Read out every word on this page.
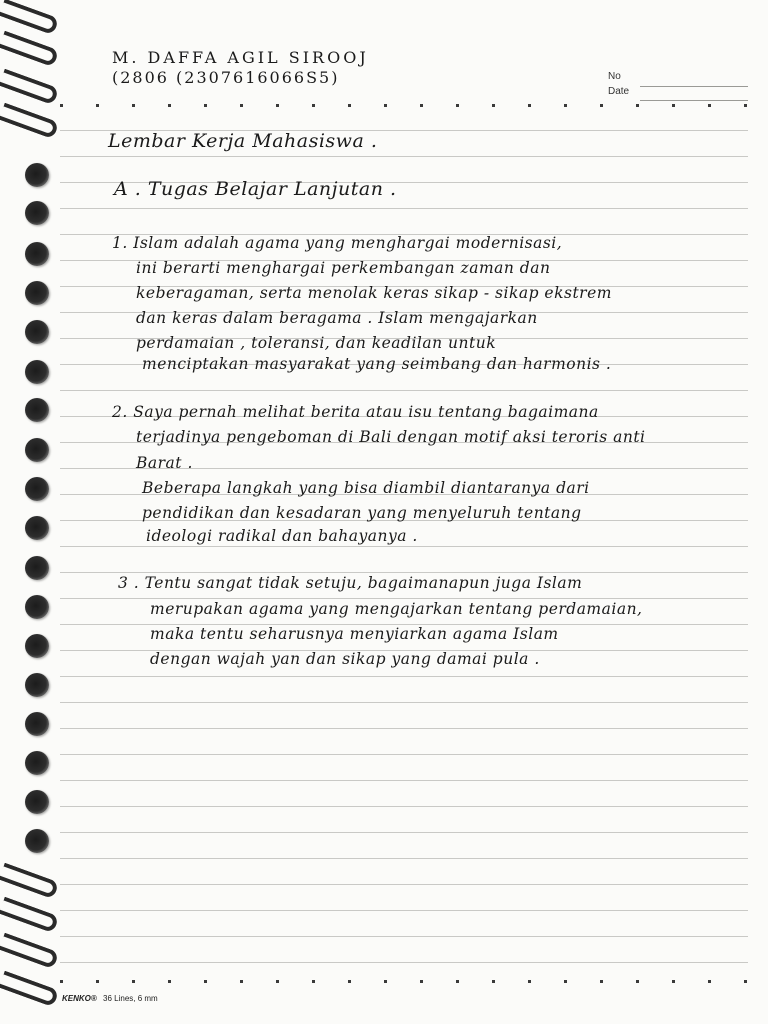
No
Date
M. DAFFA AGIL SIROOJ
(2806 (2307616066S5)
Lembar Kerja Mahasiswa .
A . Tugas Belajar Lanjutan .
1. Islam adalah agama yang menghargai modernisasi,
ini berarti menghargai perkembangan zaman dan
keberagaman, serta menolak keras sikap - sikap ekstrem
dan keras dalam beragama . Islam mengajarkan
perdamaian , toleransi, dan keadilan untuk
menciptakan masyarakat yang seimbang dan harmonis .
2. Saya pernah melihat berita atau isu tentang bagaimana
terjadinya pengeboman di Bali dengan motif aksi teroris anti
Barat .
Beberapa langkah yang bisa diambil diantaranya dari
pendidikan dan kesadaran yang menyeluruh tentang
ideologi radikal dan bahayanya .
3 . Tentu sangat tidak setuju, bagaimanapun juga Islam
merupakan agama yang mengajarkan tentang perdamaian,
maka tentu seharusnya menyiarkan agama Islam
dengan wajah yan dan sikap yang damai pula .
KENKO® 36 Lines, 6 mm
